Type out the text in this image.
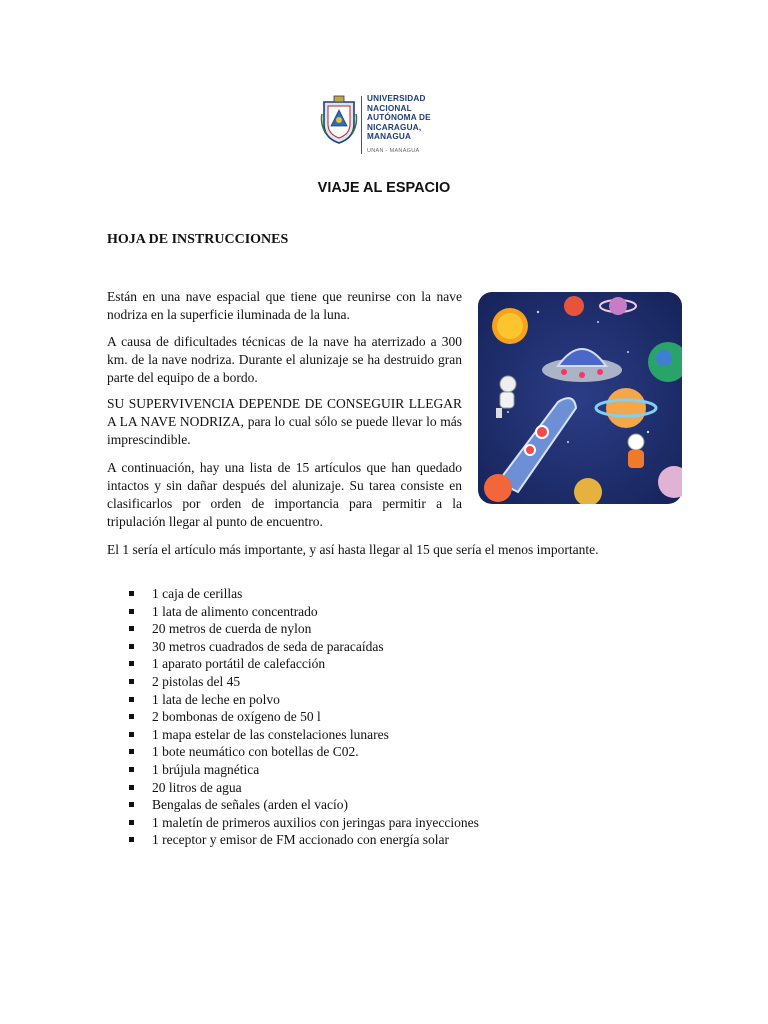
UNIVERSIDAD
NACIONAL
AUTÓNOMA DE
NICARAGUA,
MANAGUA
UNAN - MANAGUA
VIAJE AL ESPACIO
HOJA DE INSTRUCCIONES

Están en una nave espacial que tiene que reunirse con la nave nodriza en la superficie iluminada de la luna.

A causa de dificultades técnicas de la nave ha aterrizado a 300 km. de la nave nodriza. Durante el alunizaje se ha destruido gran parte del equipo de a bordo.

SU SUPERVIVENCIA DEPENDE DE CONSEGUIR LLEGAR A LA NAVE NODRIZA, para lo cual sólo se puede llevar lo más imprescindible.

A continuación, hay una lista de 15 artículos que han quedado intactos y sin dañar después del alunizaje. Su tarea consiste en clasificarlos por orden de importancia para permitir a la tripulación llegar al punto de encuentro.

El 1 sería el artículo más importante, y así hasta llegar al 15 que sería el menos importante.

1 caja de cerillas
1 lata de alimento concentrado
20 metros de cuerda de nylon
30 metros cuadrados de seda de paracaídas
1 aparato portátil de calefacción
2 pistolas del 45
1 lata de leche en polvo
2 bombonas de oxígeno de 50 l
1 mapa estelar de las constelaciones lunares
1 bote neumático con botellas de C02.
1 brújula magnética
20 litros de agua
Bengalas de señales (arden el vacío)
1 maletín de primeros auxilios con jeringas para inyecciones
1 receptor y emisor de FM accionado con energía solar
